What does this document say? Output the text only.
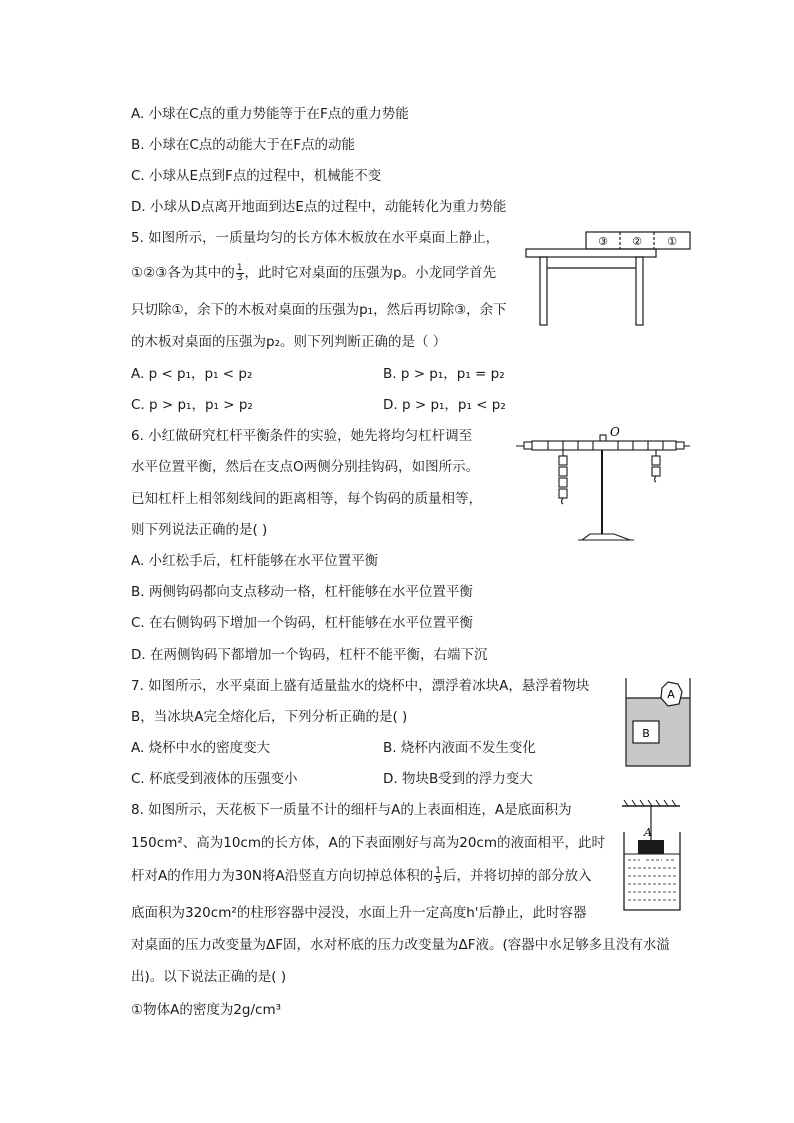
A. 小球在C点的重力势能等于在F点的重力势能
B. 小球在C点的动能大于在F点的动能
C. 小球从E点到F点的过程中，机械能不变
D. 小球从D点离开地面到达E点的过程中，动能转化为重力势能
5. 如图所示，一质量均匀的长方体木板放在水平桌面上静止，
①②③各为其中的 $\frac{1}{3}$ ，此时它对桌面的压强为p。小龙同学首先
只切除①，余下的木板对桌面的压强为p₁，然后再切除③，余下
的木板对桌面的压强为p₂。则下列判断正确的是（ ）
A. p < p₁，p₁ < p₂	B. p > p₁，p₁ = p₂
C. p > p₁，p₁ > p₂	D. p > p₁，p₁ < p₂
③ ② ①
6. 小红做研究杠杆平衡条件的实验，她先将均匀杠杆调至
水平位置平衡，然后在支点O两侧分别挂钩码，如图所示。
已知杠杆上相邻刻线间的距离相等，每个钩码的质量相等，
则下列说法正确的是( )
A. 小红松手后，杠杆能够在水平位置平衡
B. 两侧钩码都向支点移动一格，杠杆能够在水平位置平衡
C. 在右侧钩码下增加一个钩码，杠杆能够在水平位置平衡
D. 在两侧钩码下都增加一个钩码，杠杆不能平衡，右端下沉
O
7. 如图所示，水平桌面上盛有适量盐水的烧杯中，漂浮着冰块A，悬浮着物块
B，当冰块A完全熔化后，下列分析正确的是( )
A. 烧杯中水的密度变大	B. 烧杯内液面不发生变化
C. 杯底受到液体的压强变小	D. 物块B受到的浮力变大
A
B
8. 如图所示，天花板下一质量不计的细杆与A的上表面相连，A是底面积为
150cm²、高为10cm的长方体，A的下表面刚好与高为20cm的液面相平，此时
杆对A的作用力为30N将A沿竖直方向切掉总体积的 $\frac{1}{5}$ 后，并将切掉的部分放入
底面积为320cm²的柱形容器中浸没，水面上升一定高度h'后静止，此时容器
对桌面的压力改变量为ΔF固，水对杯底的压力改变量为ΔF液。(容器中水足够多且没有水溢
出)。以下说法正确的是( )
①物体A的密度为2g/cm³
A
